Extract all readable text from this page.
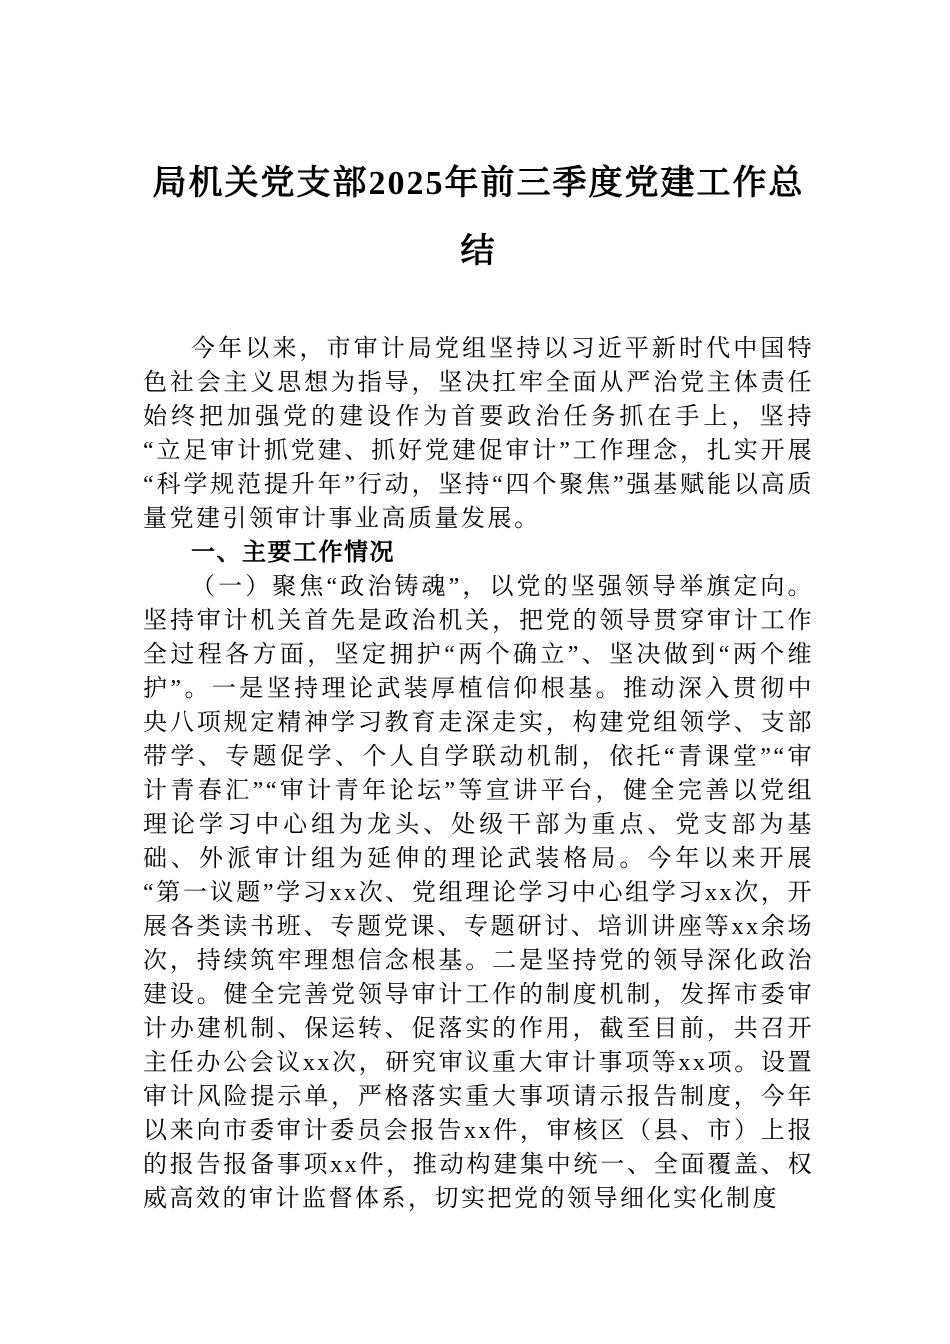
局机关党支部2025年前三季度党建工作总结

今年以来，市审计局党组坚持以习近平新时代中国特色社会主义思想为指导，坚决扛牢全面从严治党主体责任始终把加强党的建设作为首要政治任务抓在手上，坚持“立足审计抓党建、抓好党建促审计”工作理念，扎实开展“科学规范提升年”行动，坚持“四个聚焦”强基赋能以高质量党建引领审计事业高质量发展。

一、主要工作情况

（一）聚焦“政治铸魂”，以党的坚强领导举旗定向。坚持审计机关首先是政治机关，把党的领导贯穿审计工作全过程各方面，坚定拥护“两个确立”、坚决做到“两个维护”。一是坚持理论武装厚植信仰根基。推动深入贯彻中央八项规定精神学习教育走深走实，构建党组领学、支部带学、专题促学、个人自学联动机制，依托“青课堂”“审计青春汇”“审计青年论坛”等宣讲平台，健全完善以党组理论学习中心组为龙头、处级干部为重点、党支部为基础、外派审计组为延伸的理论武装格局。今年以来开展“第一议题”学习xx次、党组理论学习中心组学习xx次，开展各类读书班、专题党课、专题研讨、培训讲座等xx余场次，持续筑牢理想信念根基。二是坚持党的领导深化政治建设。健全完善党领导审计工作的制度机制，发挥市委审计办建机制、保运转、促落实的作用，截至目前，共召开主任办公会议xx次，研究审议重大审计事项等xx项。设置审计风险提示单，严格落实重大事项请示报告制度，今年以来向市委审计委员会报告xx件，审核区（县、市）上报的报告报备事项xx件，推动构建集中统一、全面覆盖、权威高效的审计监督体系，切实把党的领导细化实化制度
